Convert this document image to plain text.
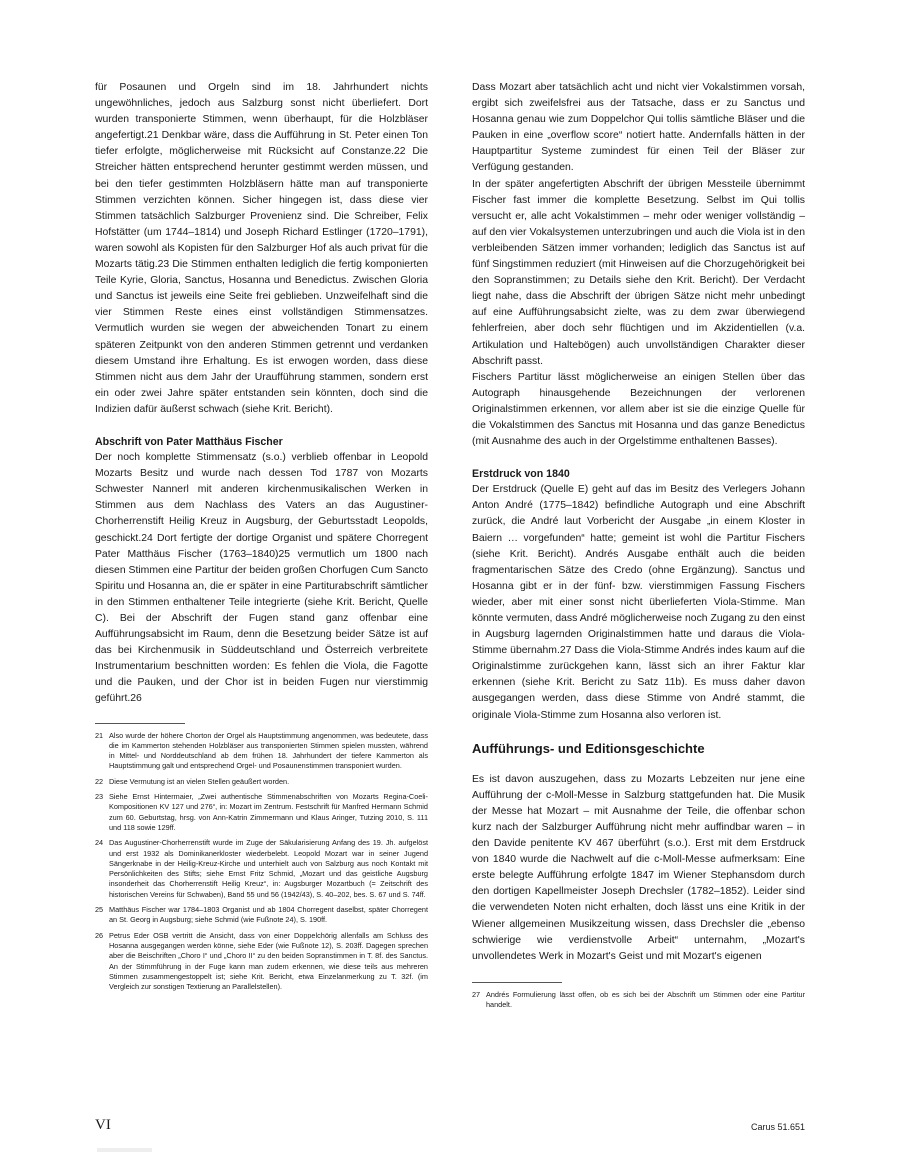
für Posaunen und Orgeln sind im 18. Jahrhundert nichts ungewöhnliches, jedoch aus Salzburg sonst nicht überliefert. Dort wurden transponierte Stimmen, wenn überhaupt, für die Holzbläser angefertigt.21 Denkbar wäre, dass die Aufführung in St. Peter einen Ton tiefer erfolgte, möglicherweise mit Rücksicht auf Constanze.22 Die Streicher hätten entsprechend herunter gestimmt werden müssen, und bei den tiefer gestimmten Holzbläsern hätte man auf transponierte Stimmen verzichten können. Sicher hingegen ist, dass diese vier Stimmen tatsächlich Salzburger Provenienz sind. Die Schreiber, Felix Hofstätter (um 1744–1814) und Joseph Richard Estlinger (1720–1791), waren sowohl als Kopisten für den Salzburger Hof als auch privat für die Mozarts tätig.23 Die Stimmen enthalten lediglich die fertig komponierten Teile Kyrie, Gloria, Sanctus, Hosanna und Benedictus. Zwischen Gloria und Sanctus ist jeweils eine Seite frei geblieben. Unzweifelhaft sind die vier Stimmen Reste eines einst vollständigen Stimmensatzes. Vermutlich wurden sie wegen der abweichenden Tonart zu einem späteren Zeitpunkt von den anderen Stimmen getrennt und verdanken diesem Umstand ihre Erhaltung. Es ist erwogen worden, dass diese Stimmen nicht aus dem Jahr der Uraufführung stammen, sondern erst ein oder zwei Jahre später entstanden sein könnten, doch sind die Indizien dafür äußerst schwach (siehe Krit. Bericht).

Abschrift von Pater Matthäus Fischer

Der noch komplette Stimmensatz (s.o.) verblieb offenbar in Leopold Mozarts Besitz und wurde nach dessen Tod 1787 von Mozarts Schwester Nannerl mit anderen kirchenmusikalischen Werken in Stimmen aus dem Nachlass des Vaters an das Augustiner-Chorherrenstift Heilig Kreuz in Augsburg, der Geburtsstadt Leopolds, geschickt.24 Dort fertigte der dortige Organist und spätere Chorregent Pater Matthäus Fischer (1763–1840)25 vermutlich um 1800 nach diesen Stimmen eine Partitur der beiden großen Chorfugen Cum Sancto Spiritu und Hosanna an, die er später in eine Partiturabschrift sämtlicher in den Stimmen enthaltener Teile integrierte (siehe Krit. Bericht, Quelle C). Bei der Abschrift der Fugen stand ganz offenbar eine Aufführungsabsicht im Raum, denn die Besetzung beider Sätze ist auf das bei Kirchenmusik in Süddeutschland und Österreich verbreitete Instrumentarium beschnitten worden: Es fehlen die Viola, die Fagotte und die Pauken, und der Chor ist in beiden Fugen nur vierstimmig geführt.26

21 Also wurde der höhere Chorton der Orgel als Hauptstimmung angenommen, was bedeutete, dass die im Kammerton stehenden Holzbläser aus transponierten Stimmen spielen mussten, während in Mittel- und Norddeutschland ab dem frühen 18. Jahrhundert der tiefere Kammerton als Hauptstimmung galt und entsprechend Orgel- und Posaunenstimmen transponiert wurden.
22 Diese Vermutung ist an vielen Stellen geäußert worden.
23 Siehe Ernst Hintermaier, „Zwei authentische Stimmenabschriften von Mozarts Regina-Coeli-Kompositionen KV 127 und 276“, in: Mozart im Zentrum. Festschrift für Manfred Hermann Schmid zum 60. Geburtstag, hrsg. von Ann-Katrin Zimmermann und Klaus Aringer, Tutzing 2010, S. 111 und 118 sowie 129ff.
24 Das Augustiner-Chorherrenstift wurde im Zuge der Säkularisierung Anfang des 19. Jh. aufgelöst und erst 1932 als Dominikanerkloster wiederbelebt. Leopold Mozart war in seiner Jugend Sängerknabe in der Heilig-Kreuz-Kirche und unterhielt auch von Salzburg aus noch Kontakt mit Persönlichkeiten des Stifts; siehe Ernst Fritz Schmid, „Mozart und das geistliche Augsburg insonderheit das Chorherrenstift Heilig Kreuz“, in: Augsburger Mozartbuch (= Zeitschrift des historischen Vereins für Schwaben), Band 55 und 56 (1942/43), S. 40–202, bes. S. 67 und S. 74ff.
25 Matthäus Fischer war 1784–1803 Organist und ab 1804 Chorregent daselbst, später Chorregent an St. Georg in Augsburg; siehe Schmid (wie Fußnote 24), S. 190ff.
26 Petrus Eder OSB vertritt die Ansicht, dass von einer Doppelchörig allenfalls am Schluss des Hosanna ausgegangen werden könne, siehe Eder (wie Fußnote 12), S. 203ff. Dagegen sprechen aber die Beischriften „Choro I“ und „Choro II“ zu den beiden Sopranstimmen in T. 8f. des Sanctus. An der Stimmführung in der Fuge kann man zudem erkennen, wie diese teils aus mehreren Stimmen zusammengestoppelt ist; siehe Krit. Bericht, etwa Einzelanmerkung zu T. 32f. (im Vergleich zur sonstigen Textierung an Parallelstellen).

Dass Mozart aber tatsächlich acht und nicht vier Vokalstimmen vorsah, ergibt sich zweifelsfrei aus der Tatsache, dass er zu Sanctus und Hosanna genau wie zum Doppelchor Qui tollis sämtliche Bläser und die Pauken in eine „overflow score“ notiert hatte. Andernfalls hätten in der Hauptpartitur Systeme zumindest für einen Teil der Bläser zur Verfügung gestanden.

In der später angefertigten Abschrift der übrigen Messteile übernimmt Fischer fast immer die komplette Besetzung. Selbst im Qui tollis versucht er, alle acht Vokalstimmen – mehr oder weniger vollständig – auf den vier Vokalsystemen unterzubringen und auch die Viola ist in den verbleibenden Sätzen immer vorhanden; lediglich das Sanctus ist auf fünf Singstimmen reduziert (mit Hinweisen auf die Chorzugehörigkeit bei den Sopranstimmen; zu Details siehe den Krit. Bericht). Der Verdacht liegt nahe, dass die Abschrift der übrigen Sätze nicht mehr unbedingt auf eine Aufführungsabsicht zielte, was zu dem zwar überwiegend fehlerfreien, aber doch sehr flüchtigen und im Akzidentiellen (v.a. Artikulation und Haltebögen) auch unvollständigen Charakter dieser Abschrift passt.

Fischers Partitur lässt möglicherweise an einigen Stellen über das Autograph hinausgehende Bezeichnungen der verlorenen Originalstimmen erkennen, vor allem aber ist sie die einzige Quelle für die Vokalstimmen des Sanctus mit Hosanna und das ganze Benedictus (mit Ausnahme des auch in der Orgelstimme enthaltenen Basses).

Erstdruck von 1840

Der Erstdruck (Quelle E) geht auf das im Besitz des Verlegers Johann Anton André (1775–1842) befindliche Autograph und eine Abschrift zurück, die André laut Vorbericht der Ausgabe „in einem Kloster in Baiern … vorgefunden“ hatte; gemeint ist wohl die Partitur Fischers (siehe Krit. Bericht). Andrés Ausgabe enthält auch die beiden fragmentarischen Sätze des Credo (ohne Ergänzung). Sanctus und Hosanna gibt er in der fünf- bzw. vierstimmigen Fassung Fischers wieder, aber mit einer sonst nicht überlieferten Viola-Stimme. Man könnte vermuten, dass André möglicherweise noch Zugang zu den einst in Augsburg lagernden Originalstimmen hatte und daraus die Viola-Stimme übernahm.27 Dass die Viola-Stimme Andrés indes kaum auf die Originalstimme zurückgehen kann, lässt sich an ihrer Faktur klar erkennen (siehe Krit. Bericht zu Satz 11b). Es muss daher davon ausgegangen werden, dass diese Stimme von André stammt, die originale Viola-Stimme zum Hosanna also verloren ist.

Aufführungs- und Editionsgeschichte

Es ist davon auszugehen, dass zu Mozarts Lebzeiten nur jene eine Aufführung der c-Moll-Messe in Salzburg stattgefunden hat. Die Musik der Messe hat Mozart – mit Ausnahme der Teile, die offenbar schon kurz nach der Salzburger Aufführung nicht mehr auffindbar waren – in den Davide penitente KV 467 überführt (s.o.). Erst mit dem Erstdruck von 1840 wurde die Nachwelt auf die c-Moll-Messe aufmerksam: Eine erste belegte Aufführung erfolgte 1847 im Wiener Stephansdom durch den dortigen Kapellmeister Joseph Drechsler (1782–1852). Leider sind die verwendeten Noten nicht erhalten, doch lässt uns eine Kritik in der Wiener allgemeinen Musikzeitung wissen, dass Drechsler die „ebenso schwierige wie verdienstvolle Arbeit“ unternahm, „Mozart's unvollendetes Werk in Mozart's Geist und mit Mozart's eigenen

27 Andrés Formulierung lässt offen, ob es sich bei der Abschrift um Stimmen oder eine Partitur handelt.
VI	Carus 51.651
